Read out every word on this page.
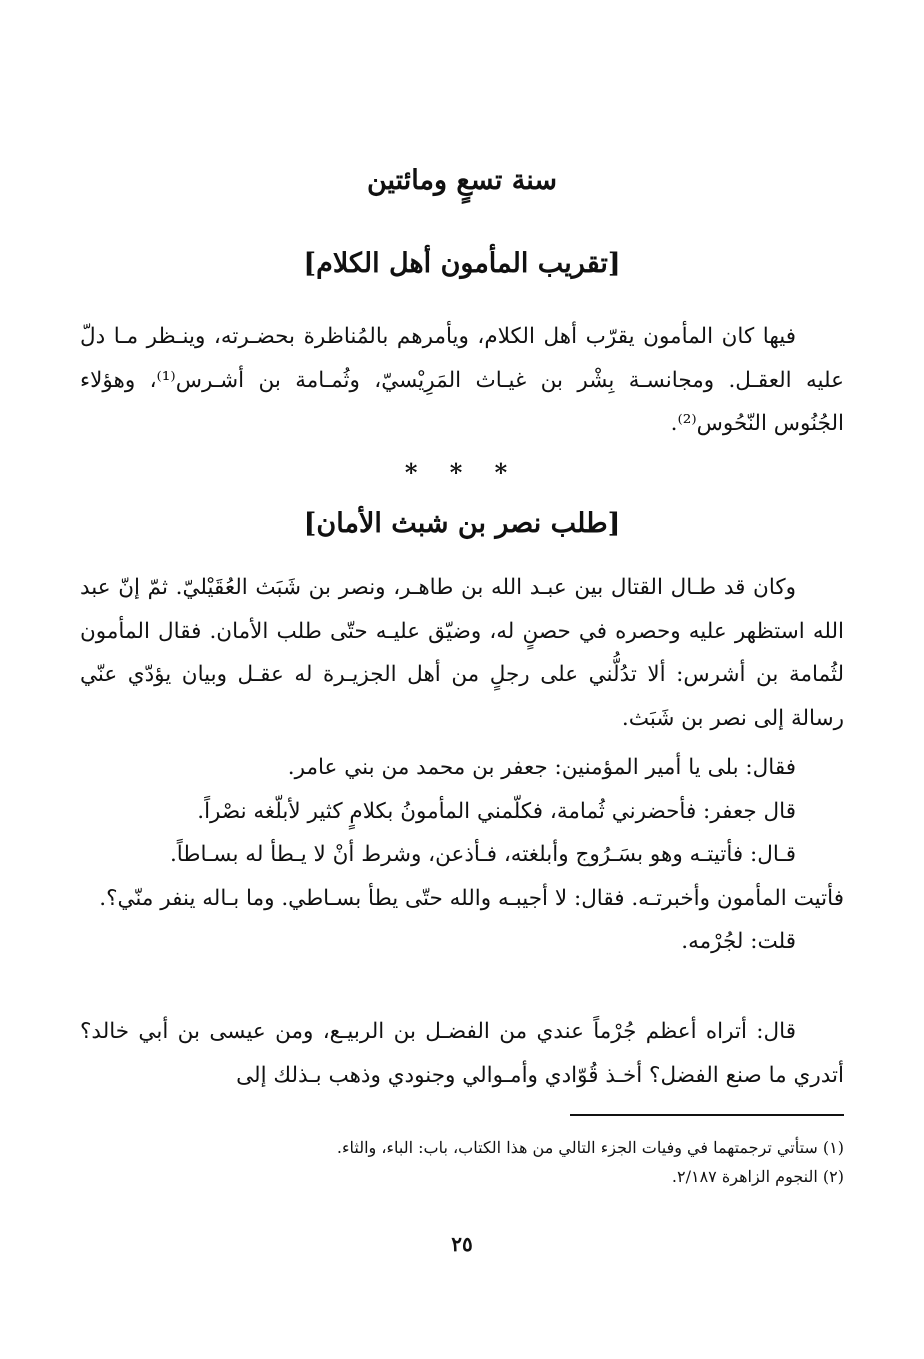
سنة تسعٍ ومائتين
[تقريب المأمون أهل الكلام]

فيها كان المأمون يقرّب أهل الكلام، ويأمرهم بالمُناظرة بحضـرته، وينـظر مـا دلّ عليه العقـل. ومجانسـة بِشْر بن غيـاث المَرِيْسيّ، وثُمـامة بن أشـرس⁽¹⁾، وهؤلاء الجُنُوس النّحُوس⁽²⁾.

* * *
[طلب نصر بن شبث الأمان]

وكان قد طـال القتال بين عبـد الله بن طاهـر، ونصر بن شَبَث العُقَيْليّ. ثمّ إنّ عبد الله استظهر عليه وحصره في حصنٍ له، وضيّق عليـه حتّى طلب الأمان. فقال المأمون لثُمامة بن أشرس: ألا تدُلُّني على رجلٍ من أهل الجزيـرة له عقـل وبيان يؤدّي عنّي رسالة إلى نصر بن شَبَث.

فقال: بلى يا أمير المؤمنين: جعفر بن محمد من بني عامر.
قال جعفر: فأحضرني ثُمامة، فكلّمني المأمونُ بكلامٍ كثير لأبلّغه نصْراً.
قـال: فأتيتـه وهو بسَـرُوج وأبلغته، فـأذعن، وشرط أنْ لا يـطأ له بسـاطاً.
فأتيت المأمون وأخبرتـه. فقال: لا أجيبـه والله حتّى يطأ بسـاطي. وما بـاله ينفر منّي؟.
قلت: لجُرْمه.

قال: أتراه أعظم جُرْماً عندي من الفضـل بن الربيـع، ومن عيسى بن أبي خالد؟ أتدري ما صنع الفضل؟ أخـذ قُوّادي وأمـوالي وجنودي وذهب بـذلك إلى

(١) ستأتي ترجمتهما في وفيات الجزء التالي من هذا الكتاب، باب: الباء، والثاء.
(٢) النجوم الزاهرة ٢/١٨٧.
٢٥
